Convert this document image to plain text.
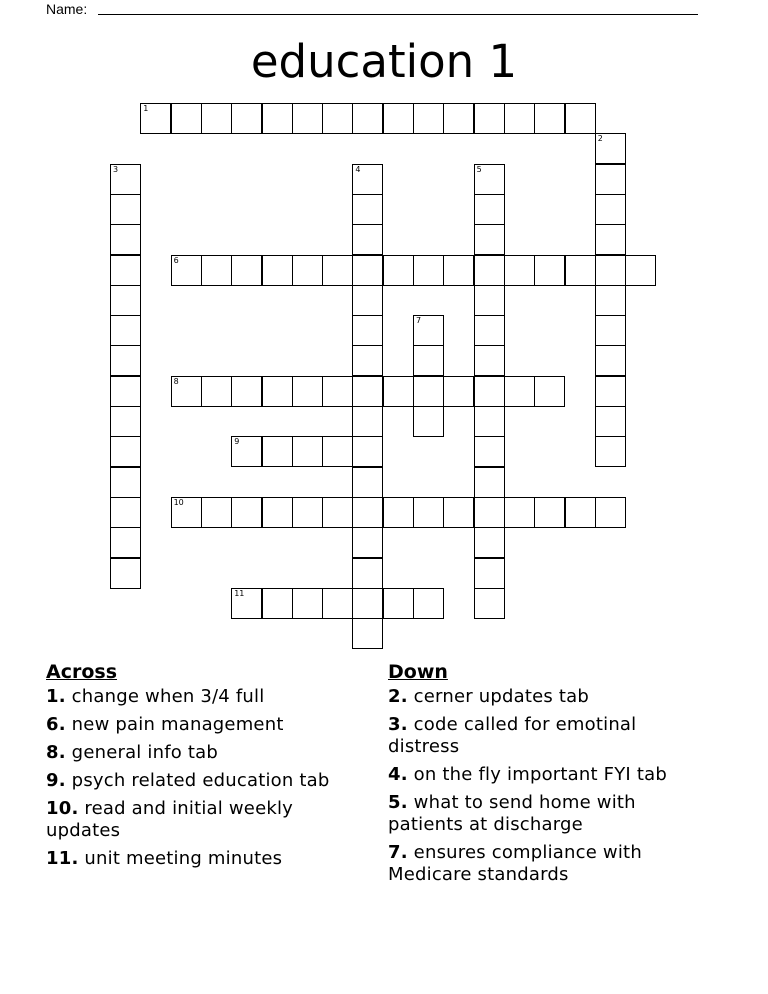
Name:
education 1
1
2
3	4	5
6
7
8
9
10
11
Across
1. change when 3/4 full
6. new pain management
8. general info tab
9. psych related education tab
10. read and initial weekly updates
11. unit meeting minutes
Down
2. cerner updates tab
3. code called for emotinal distress
4. on the fly important FYI tab
5. what to send home with patients at discharge
7. ensures compliance with Medicare standards
